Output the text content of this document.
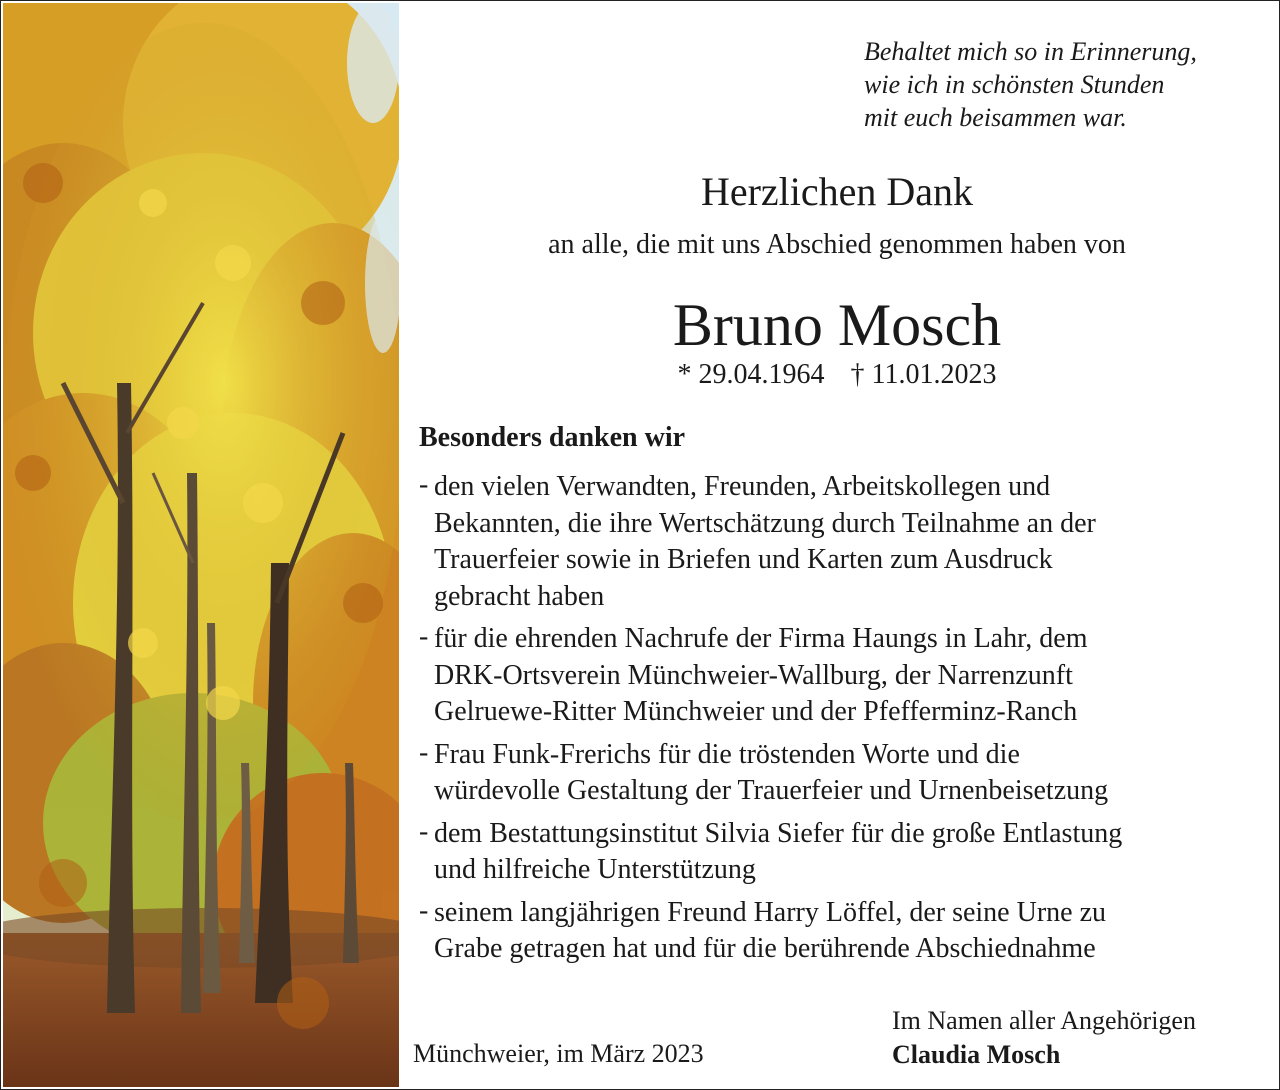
Behaltet mich so in Erinnerung,
wie ich in schönsten Stunden
mit euch beisammen war.
Herzlichen Dank
an alle, die mit uns Abschied genommen haben von
Bruno Mosch
* 29.04.1964 † 11.01.2023
Besonders danken wir
- den vielen Verwandten, Freunden, Arbeitskollegen und
Bekannten, die ihre Wertschätzung durch Teilnahme an der
Trauerfeier sowie in Briefen und Karten zum Ausdruck
gebracht haben
- für die ehrenden Nachrufe der Firma Haungs in Lahr, dem
DRK-Ortsverein Münchweier-Wallburg, der Narrenzunft
Gelruewe-Ritter Münchweier und der Pfefferminz-Ranch
- Frau Funk-Frerichs für die tröstenden Worte und die
würdevolle Gestaltung der Trauerfeier und Urnenbeisetzung
- dem Bestattungsinstitut Silvia Siefer für die große Entlastung
und hilfreiche Unterstützung
- seinem langjährigen Freund Harry Löffel, der seine Urne zu
Grabe getragen hat und für die berührende Abschiednahme
Münchweier, im März 2023
Im Namen aller Angehörigen
Claudia Mosch
